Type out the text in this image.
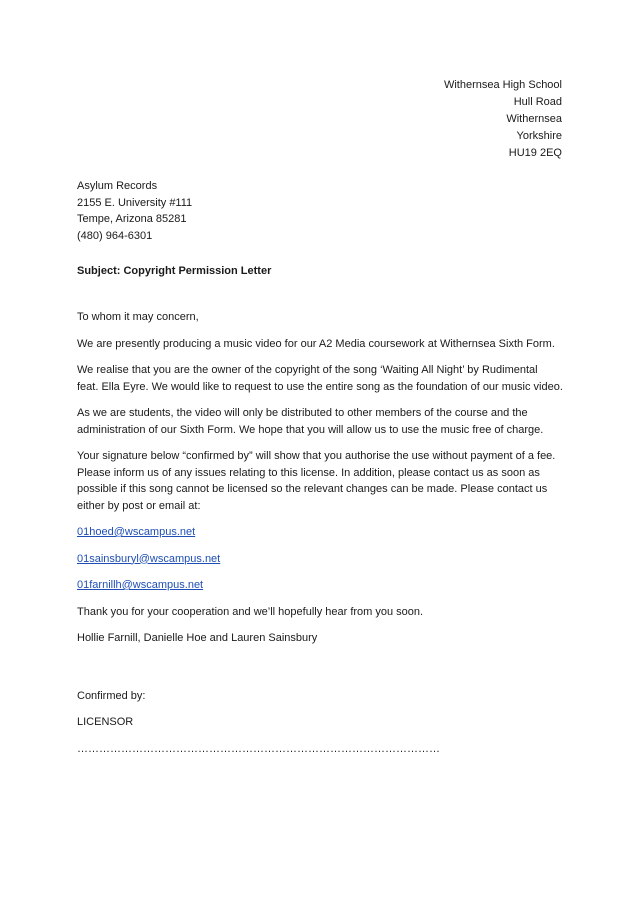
Withernsea High School
Hull Road
Withernsea
Yorkshire
HU19 2EQ
Asylum Records
2155 E. University #111
Tempe, Arizona 85281
(480) 964-6301
Subject: Copyright Permission Letter

To whom it may concern,

We are presently producing a music video for our A2 Media coursework at Withernsea Sixth Form.

We realise that you are the owner of the copyright of the song ‘Waiting All Night’ by Rudimental
feat. Ella Eyre. We would like to request to use the entire song as the foundation of our music video.

As we are students, the video will only be distributed to other members of the course and the
administration of our Sixth Form. We hope that you will allow us to use the music free of charge.

Your signature below “confirmed by” will show that you authorise the use without payment of a fee.
Please inform us of any issues relating to this license. In addition, please contact us as soon as
possible if this song cannot be licensed so the relevant changes can be made. Please contact us
either by post or email at:

01hoed@wscampus.net

01sainsburyl@wscampus.net

01farnillh@wscampus.net

Thank you for your cooperation and we’ll hopefully hear from you soon.

Hollie Farnill, Danielle Hoe and Lauren Sainsbury

Confirmed by:

LICENSOR

………………………………………………………………………………………
